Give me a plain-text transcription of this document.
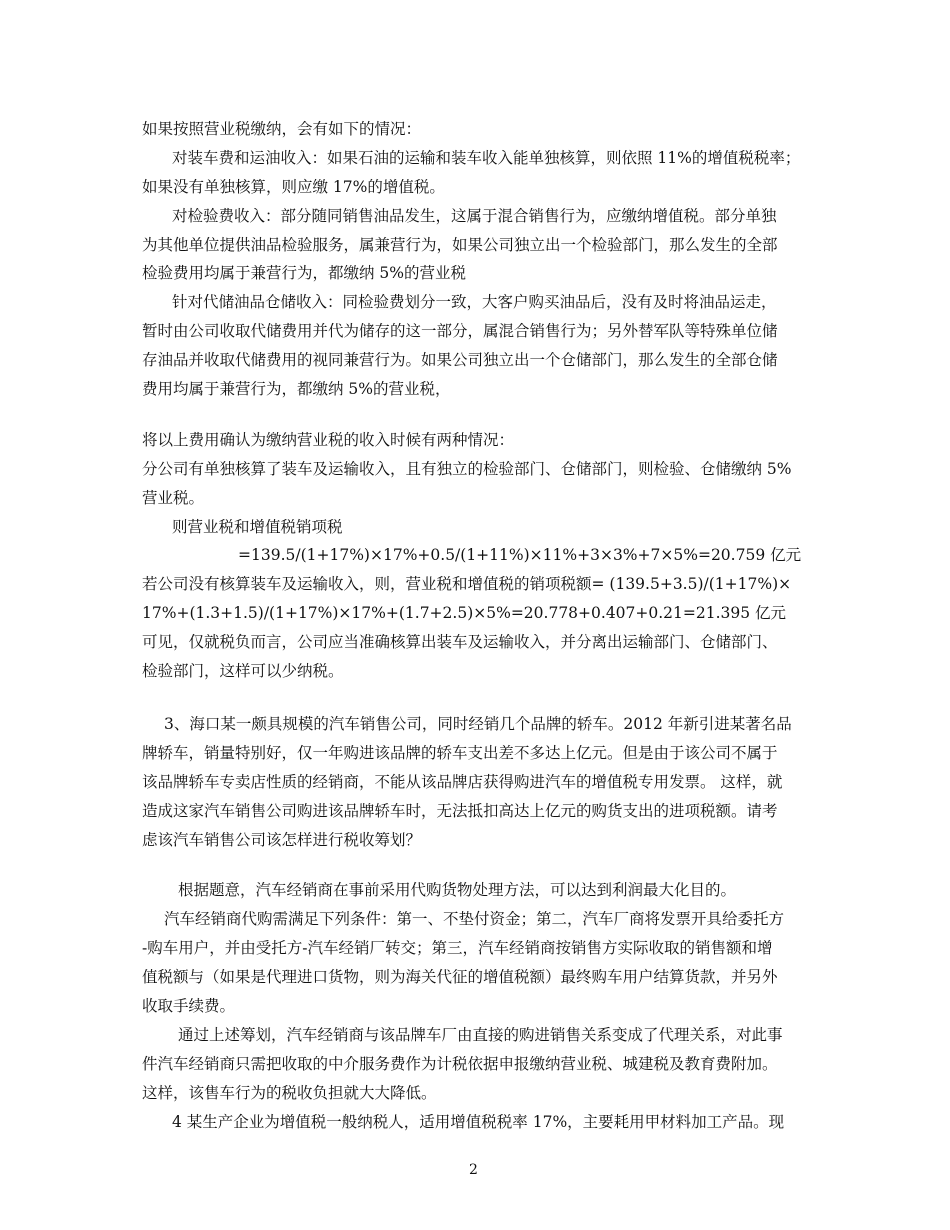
如果按照营业税缴纳，会有如下的情况：
对装车费和运油收入：如果石油的运输和装车收入能单独核算，则依照 11%的增值税税率；
如果没有单独核算，则应缴 17%的增值税。
对检验费收入：部分随同销售油品发生，这属于混合销售行为，应缴纳增值税。部分单独
为其他单位提供油品检验服务，属兼营行为，如果公司独立出一个检验部门，那么发生的全部
检验费用均属于兼营行为，都缴纳 5%的营业税
针对代储油品仓储收入：同检验费划分一致，大客户购买油品后，没有及时将油品运走，
暂时由公司收取代储费用并代为储存的这一部分，属混合销售行为；另外替军队等特殊单位储
存油品并收取代储费用的视同兼营行为。如果公司独立出一个仓储部门，那么发生的全部仓储
费用均属于兼营行为，都缴纳 5%的营业税，
将以上费用确认为缴纳营业税的收入时候有两种情况：
分公司有单独核算了装车及运输收入，且有独立的检验部门、仓储部门，则检验、仓储缴纳 5%
营业税。
则营业税和增值税销项税
=139.5/(1+17%)×17%+0.5/(1+11%)×11%+3×3%+7×5%=20.759 亿元
若公司没有核算装车及运输收入，则，营业税和增值税的销项税额= (139.5+3.5)/(1+17%)×
17%+(1.3+1.5)/(1+17%)×17%+(1.7+2.5)×5%=20.778+0.407+0.21=21.395 亿元
可见，仅就税负而言，公司应当准确核算出装车及运输收入，并分离出运输部门、仓储部门、
检验部门，这样可以少纳税。
3、海口某一颇具规模的汽车销售公司，同时经销几个品牌的轿车。2012 年新引进某著名品
牌轿车，销量特别好，仅一年购进该品牌的轿车支出差不多达上亿元。但是由于该公司不属于
该品牌轿车专卖店性质的经销商，不能从该品牌店获得购进汽车的增值税专用发票。 这样，就
造成这家汽车销售公司购进该品牌轿车时，无法抵扣高达上亿元的购货支出的进项税额。请考
虑该汽车销售公司该怎样进行税收筹划？
根据题意，汽车经销商在事前采用代购货物处理方法，可以达到利润最大化目的。
汽车经销商代购需满足下列条件：第一、不垫付资金；第二，汽车厂商将发票开具给委托方
-购车用户，并由受托方-汽车经销厂转交；第三，汽车经销商按销售方实际收取的销售额和增
值税额与（如果是代理进口货物，则为海关代征的增值税额）最终购车用户结算货款，并另外
收取手续费。
通过上述筹划，汽车经销商与该品牌车厂由直接的购进销售关系变成了代理关系，对此事
件汽车经销商只需把收取的中介服务费作为计税依据申报缴纳营业税、城建税及教育费附加。
这样，该售车行为的税收负担就大大降低。
4 某生产企业为增值税一般纳税人，适用增值税税率 17%，主要耗用甲材料加工产品。现
2
